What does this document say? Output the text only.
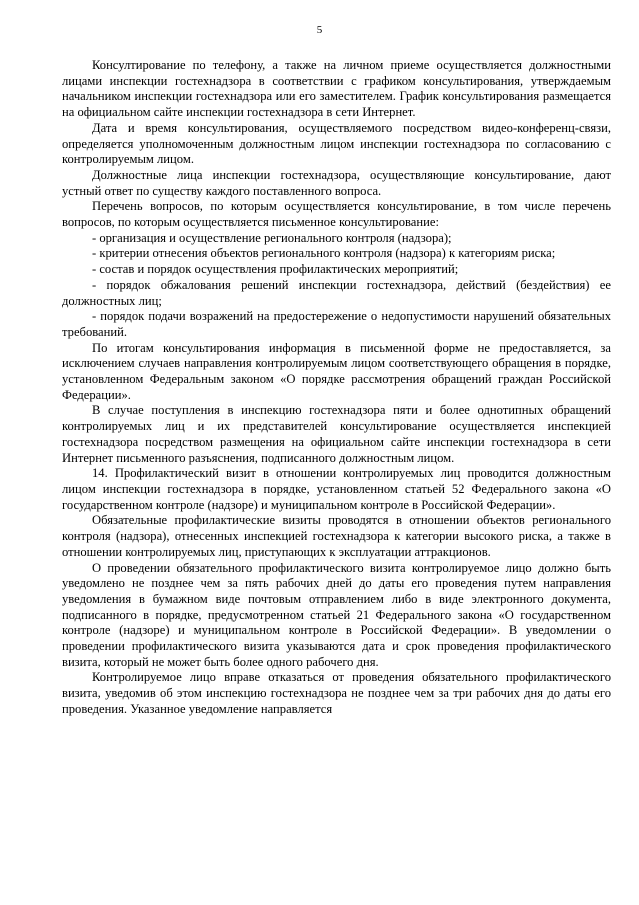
5

Консултирование по телефону, а также на личном приеме осуществляется должностными лицами инспекции гостехнадзора в соответствии с графиком консультирования, утверждаемым начальником инспекции гостехнадзора или его заместителем. График консультирования размещается на официальном сайте инспекции гостехнадзора в сети Интернет.

Дата и время консультирования, осуществляемого посредством видео-конференц-связи, определяется уполномоченным должностным лицом инспекции гостехнадзора по согласованию с контролируемым лицом.

Должностные лица инспекции гостехнадзора, осуществляющие консультирование, дают устный ответ по существу каждого поставленного вопроса.

Перечень вопросов, по которым осуществляется консультирование, в том числе перечень вопросов, по которым осуществляется письменное консультирование:

- организация и осуществление регионального контроля (надзора);

- критерии отнесения объектов регионального контроля (надзора) к категориям риска;

- состав и порядок осуществления профилактических мероприятий;

- порядок обжалования решений инспекции гостехнадзора, действий (бездействия) ее должностных лиц;

- порядок подачи возражений на предостережение о недопустимости нарушений обязательных требований.

По итогам консультирования информация в письменной форме не предоставляется, за исключением случаев направления контролируемым лицом соответствующего обращения в порядке, установленном Федеральным законом «О порядке рассмотрения обращений граждан Российской Федерации».

В случае поступления в инспекцию гостехнадзора пяти и более однотипных обращений контролируемых лиц и их представителей консультирование осуществляется инспекцией гостехнадзора посредством размещения на официальном сайте инспекции гостехнадзора в сети Интернет письменного разъяснения, подписанного должностным лицом.

14. Профилактический визит в отношении контролируемых лиц проводится должностным лицом инспекции гостехнадзора в порядке, установленном статьей 52 Федерального закона «О государственном контроле (надзоре) и муниципальном контроле в Российской Федерации».

Обязательные профилактические визиты проводятся в отношении объектов регионального контроля (надзора), отнесенных инспекцией гостехнадзора к категории высокого риска, а также в отношении контролируемых лиц, приступающих к эксплуатации аттракционов.

О проведении обязательного профилактического визита контролируемое лицо должно быть уведомлено не позднее чем за пять рабочих дней до даты его проведения путем направления уведомления в бумажном виде почтовым отправлением либо в виде электронного документа, подписанного в порядке, предусмотренном статьей 21 Федерального закона «О государственном контроле (надзоре) и муниципальном контроле в Российской Федерации». В уведомлении о проведении профилактического визита указываются дата и срок проведения профилактического визита, который не может быть более одного рабочего дня.

Контролируемое лицо вправе отказаться от проведения обязательного профилактического визита, уведомив об этом инспекцию гостехнадзора не позднее чем за три рабочих дня до даты его проведения. Указанное уведомление направляется
